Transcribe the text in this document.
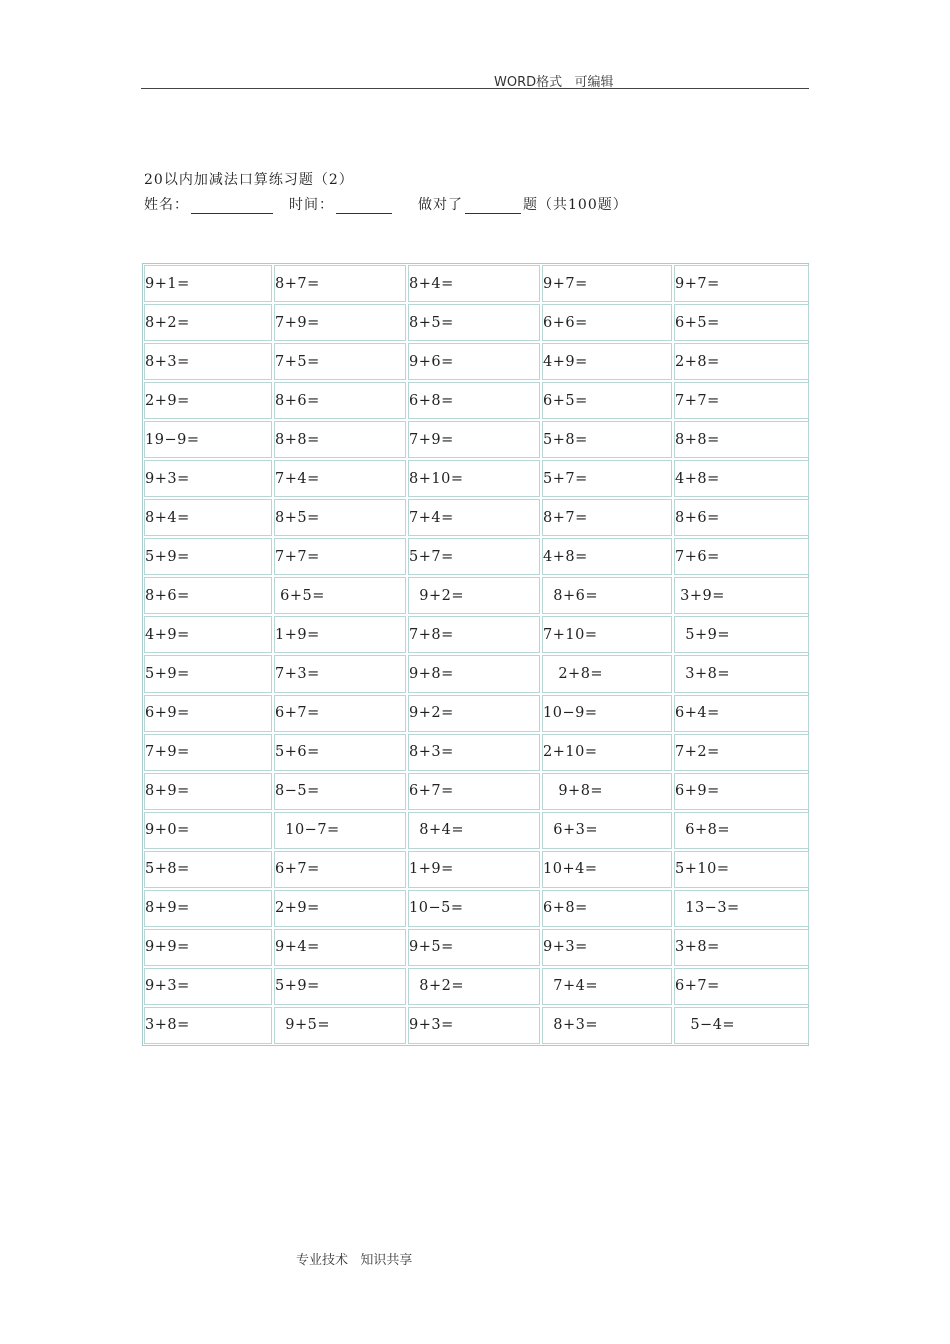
WORD格式   可编辑
20以内加减法口算练习题（2）
姓名：	时间：	做对了	题（共100题）
9+1=	8+7=	8+4=	9+7=	9+7=
8+2=	7+9=	8+5=	6+6=	6+5=
8+3=	7+5=	9+6=	4+9=	2+8=
2+9=	8+6=	6+8=	6+5=	7+7=
19−9=	8+8=	7+9=	5+8=	8+8=
9+3=	7+4=	8+10=	5+7=	4+8=
8+4=	8+5=	7+4=	8+7=	8+6=
5+9=	7+7=	5+7=	4+8=	7+6=
8+6=	6+5=	9+2=	8+6=	3+9=
4+9=	1+9=	7+8=	7+10=	5+9=
5+9=	7+3=	9+8=	2+8=	3+8=
6+9=	6+7=	9+2=	10−9=	6+4=
7+9=	5+6=	8+3=	2+10=	7+2=
8+9=	8−5=	6+7=	9+8=	6+9=
9+0=	10−7=	8+4=	6+3=	6+8=
5+8=	6+7=	1+9=	10+4=	5+10=
8+9=	2+9=	10−5=	6+8=	13−3=
9+9=	9+4=	9+5=	9+3=	3+8=
9+3=	5+9=	8+2=	7+4=	6+7=
3+8=	9+5=	9+3=	8+3=	5−4=
专业技术   知识共享
